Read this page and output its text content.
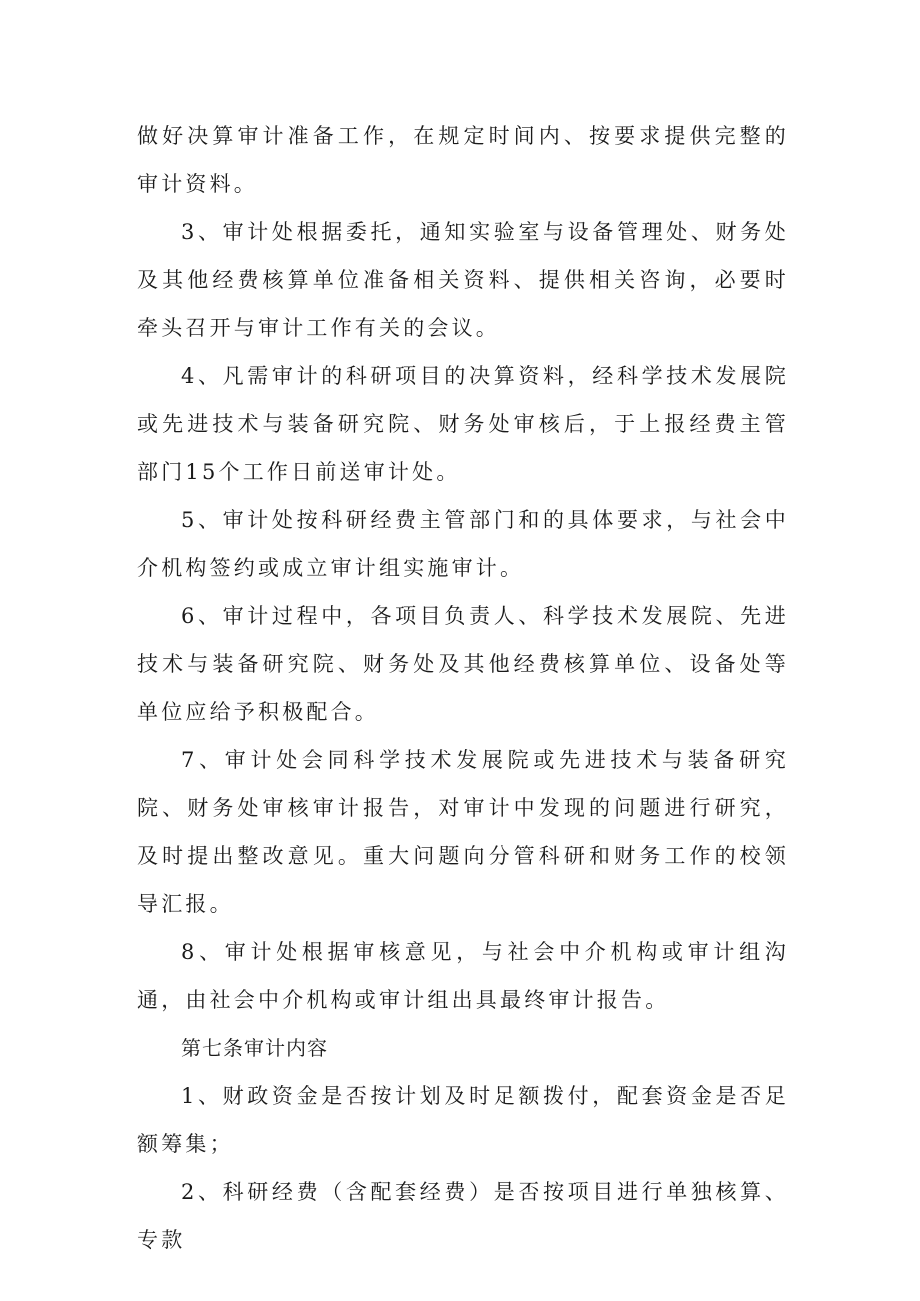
做好决算审计准备工作，在规定时间内、按要求提供完整的审计资料。

3、审计处根据委托，通知实验室与设备管理处、财务处及其他经费核算单位准备相关资料、提供相关咨询，必要时牵头召开与审计工作有关的会议。

4、凡需审计的科研项目的决算资料，经科学技术发展院或先进技术与装备研究院、财务处审核后，于上报经费主管部门15个工作日前送审计处。

5、审计处按科研经费主管部门和的具体要求，与社会中介机构签约或成立审计组实施审计。

6、审计过程中，各项目负责人、科学技术发展院、先进技术与装备研究院、财务处及其他经费核算单位、设备处等单位应给予积极配合。

7、审计处会同科学技术发展院或先进技术与装备研究院、财务处审核审计报告，对审计中发现的问题进行研究，及时提出整改意见。重大问题向分管科研和财务工作的校领导汇报。

8、审计处根据审核意见，与社会中介机构或审计组沟通，由社会中介机构或审计组出具最终审计报告。

第七条审计内容

1、财政资金是否按计划及时足额拨付，配套资金是否足额筹集；

2、科研经费（含配套经费）是否按项目进行单独核算、专款
